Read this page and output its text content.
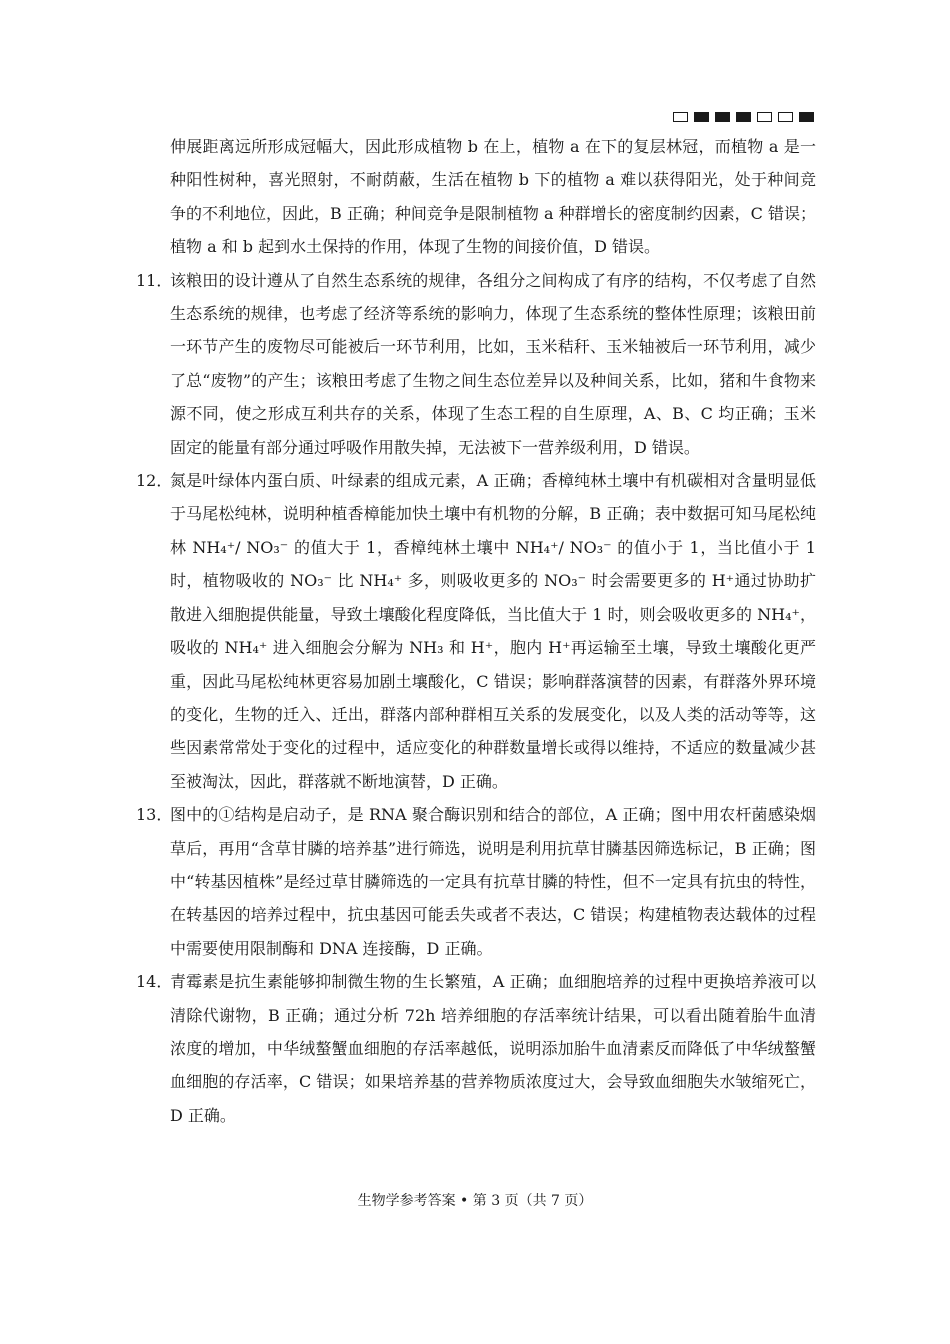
伸展距离远所形成冠幅大，因此形成植物 b 在上，植物 a 在下的复层林冠，而植物 a 是一种阳性树种，喜光照射，不耐荫蔽，生活在植物 b 下的植物 a 难以获得阳光，处于种间竞争的不利地位，因此，B 正确；种间竞争是限制植物 a 种群增长的密度制约因素，C 错误；植物 a 和 b 起到水土保持的作用，体现了生物的间接价值，D 错误。
11．
该粮田的设计遵从了自然生态系统的规律，各组分之间构成了有序的结构，不仅考虑了自然生态系统的规律，也考虑了经济等系统的影响力，体现了生态系统的整体性原理；该粮田前一环节产生的废物尽可能被后一环节利用，比如，玉米秸秆、玉米轴被后一环节利用，减少了总“废物”的产生；该粮田考虑了生物之间生态位差异以及种间关系，比如，猪和牛食物来源不同，使之形成互利共存的关系，体现了生态工程的自生原理，A、B、C 均正确；玉米固定的能量有部分通过呼吸作用散失掉，无法被下一营养级利用，D 错误。
12．
氮是叶绿体内蛋白质、叶绿素的组成元素，A 正确；香樟纯林土壤中有机碳相对含量明显低于马尾松纯林，说明种植香樟能加快土壤中有机物的分解，B 正确；表中数据可知马尾松纯林 NH₄⁺/ NO₃⁻ 的值大于 1，香樟纯林土壤中 NH₄⁺/ NO₃⁻ 的值小于 1，当比值小于 1 时，植物吸收的 NO₃⁻ 比 NH₄⁺ 多，则吸收更多的 NO₃⁻ 时会需要更多的 H⁺通过协助扩散进入细胞提供能量，导致土壤酸化程度降低，当比值大于 1 时，则会吸收更多的 NH₄⁺，吸收的 NH₄⁺ 进入细胞会分解为 NH₃ 和 H⁺，胞内 H⁺再运输至土壤，导致土壤酸化更严重，因此马尾松纯林更容易加剧土壤酸化，C 错误；影响群落演替的因素，有群落外界环境的变化，生物的迁入、迁出，群落内部种群相互关系的发展变化，以及人类的活动等等，这些因素常常处于变化的过程中，适应变化的种群数量增长或得以维持，不适应的数量减少甚至被淘汰，因此，群落就不断地演替，D 正确。
13．
图中的①结构是启动子，是 RNA 聚合酶识别和结合的部位，A 正确；图中用农杆菌感染烟草后，再用“含草甘膦的培养基”进行筛选，说明是利用抗草甘膦基因筛选标记，B 正确；图中“转基因植株”是经过草甘膦筛选的一定具有抗草甘膦的特性，但不一定具有抗虫的特性，在转基因的培养过程中，抗虫基因可能丢失或者不表达，C 错误；构建植物表达载体的过程中需要使用限制酶和 DNA 连接酶，D 正确。
14．
青霉素是抗生素能够抑制微生物的生长繁殖，A 正确；血细胞培养的过程中更换培养液可以清除代谢物，B 正确；通过分析 72h 培养细胞的存活率统计结果，可以看出随着胎牛血清浓度的增加，中华绒螯蟹血细胞的存活率越低，说明添加胎牛血清素反而降低了中华绒螯蟹血细胞的存活率，C 错误；如果培养基的营养物质浓度过大，会导致血细胞失水皱缩死亡，D 正确。
生物学参考答案 • 第 3 页（共 7 页）
